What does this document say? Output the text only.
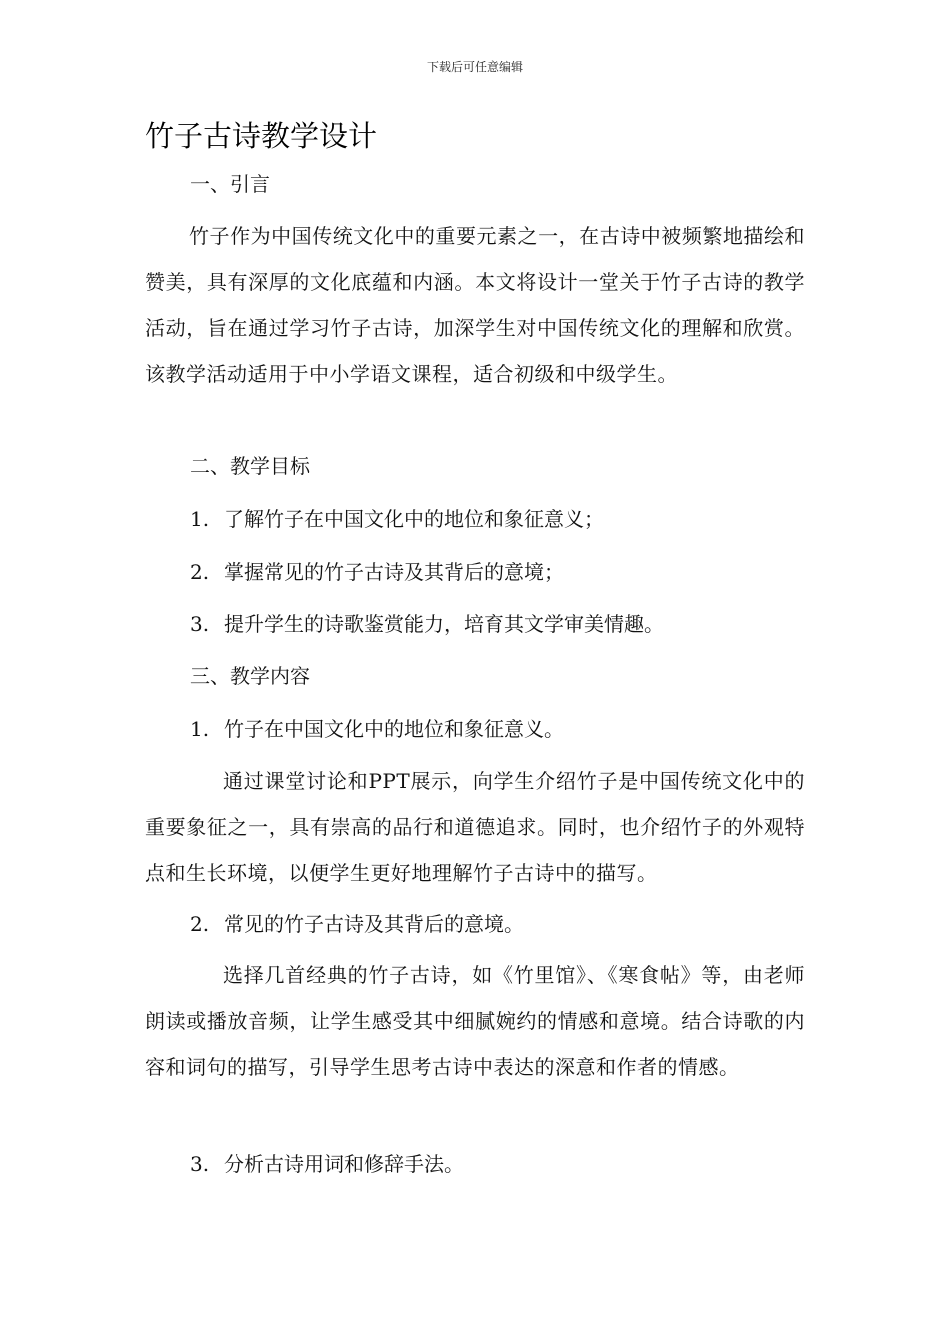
下载后可任意编辑
竹子古诗教学设计
一、引言

竹子作为中国传统文化中的重要元素之一，在古诗中被频繁地描绘和赞美，具有深厚的文化底蕴和内涵。本文将设计一堂关于竹子古诗的教学活动，旨在通过学习竹子古诗，加深学生对中国传统文化的理解和欣赏。该教学活动适用于中小学语文课程，适合初级和中级学生。

二、教学目标
1. 了解竹子在中国文化中的地位和象征意义；
2. 掌握常见的竹子古诗及其背后的意境；
3. 提升学生的诗歌鉴赏能力，培育其文学审美情趣。
三、教学内容
1. 竹子在中国文化中的地位和象征意义。

通过课堂讨论和PPT展示，向学生介绍竹子是中国传统文化中的重要象征之一，具有崇高的品行和道德追求。同时，也介绍竹子的外观特点和生长环境，以便学生更好地理解竹子古诗中的描写。

2. 常见的竹子古诗及其背后的意境。

选择几首经典的竹子古诗，如《竹里馆》、《寒食帖》等，由老师朗读或播放音频，让学生感受其中细腻婉约的情感和意境。结合诗歌的内容和词句的描写，引导学生思考古诗中表达的深意和作者的情感。

3. 分析古诗用词和修辞手法。
